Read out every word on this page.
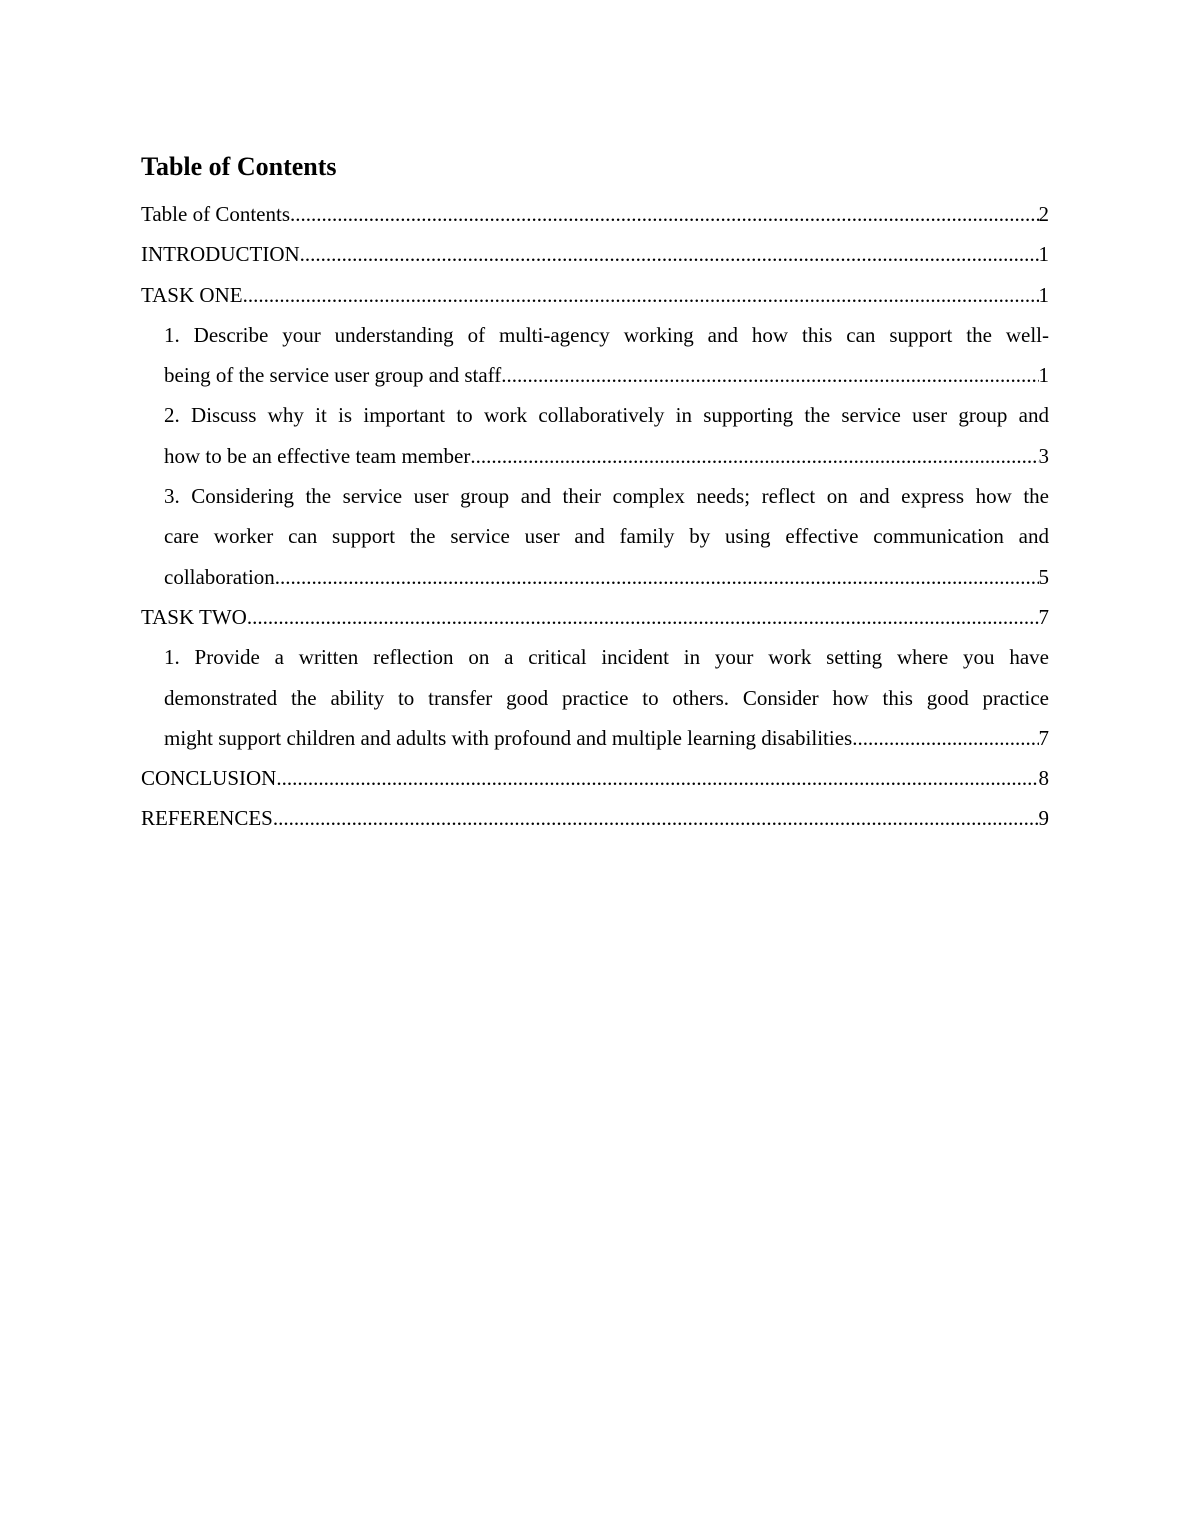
Table of Contents
Table of Contents .....	2
INTRODUCTION .....	1
TASK ONE .....	1
1. Describe your understanding of multi-agency working and how this can support the well-
being of the service user group and staff .....	1
2. Discuss why it is important to work collaboratively in supporting the service user group and
how to be an effective team member .....	3
3. Considering the service user group and their complex needs; reflect on and express how the
care worker can support the service user and family by using effective communication and
collaboration .....	5
TASK TWO .....	7
1. Provide a written reflection on a critical incident in your work setting where you have
demonstrated the ability to transfer good practice to others. Consider how this good practice
might support children and adults with profound and multiple learning disabilities .....	7
CONCLUSION .....	8
REFERENCES .....	9
